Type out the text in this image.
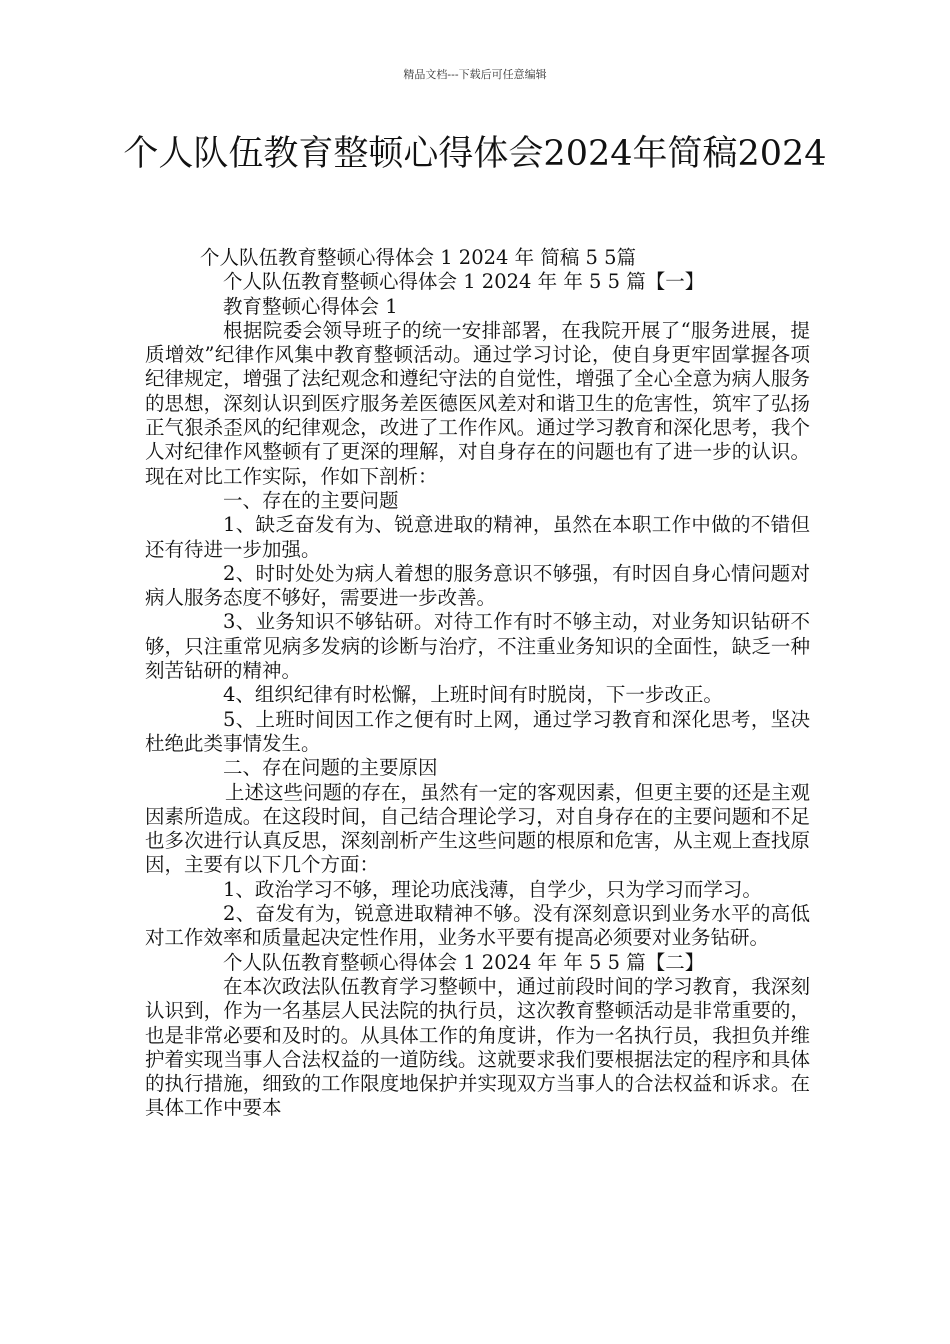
精品文档---下载后可任意编辑
个人队伍教育整顿心得体会2024年简稿2024

个人队伍教育整顿心得体会 1 2024 年 简稿 5 5篇

个人队伍教育整顿心得体会 1 2024 年 年 5 5 篇【一】

教育整顿心得体会 1

根据院委会领导班子的统一安排部署，在我院开展了“服务进展，提质增效”纪律作风集中教育整顿活动。通过学习讨论，使自身更牢固掌握各项纪律规定，增强了法纪观念和遵纪守法的自觉性，增强了全心全意为病人服务的思想，深刻认识到医疗服务差医德医风差对和谐卫生的危害性，筑牢了弘扬正气狠杀歪风的纪律观念，改进了工作作风。通过学习教育和深化思考，我个人对纪律作风整顿有了更深的理解，对自身存在的问题也有了进一步的认识。现在对比工作实际，作如下剖析：

一、存在的主要问题

1、缺乏奋发有为、锐意进取的精神，虽然在本职工作中做的不错但还有待进一步加强。

2、时时处处为病人着想的服务意识不够强，有时因自身心情问题对病人服务态度不够好，需要进一步改善。

3、业务知识不够钻研。对待工作有时不够主动，对业务知识钻研不够，只注重常见病多发病的诊断与治疗，不注重业务知识的全面性，缺乏一种刻苦钻研的精神。

4、组织纪律有时松懈，上班时间有时脱岗，下一步改正。

5、上班时间因工作之便有时上网，通过学习教育和深化思考，坚决杜绝此类事情发生。

二、存在问题的主要原因

上述这些问题的存在，虽然有一定的客观因素，但更主要的还是主观因素所造成。在这段时间，自己结合理论学习，对自身存在的主要问题和不足也多次进行认真反思，深刻剖析产生这些问题的根原和危害，从主观上查找原因，主要有以下几个方面：

1、政治学习不够，理论功底浅薄，自学少，只为学习而学习。

2、奋发有为，锐意进取精神不够。没有深刻意识到业务水平的高低对工作效率和质量起决定性作用，业务水平要有提高必须要对业务钻研。

个人队伍教育整顿心得体会 1 2024 年 年 5 5 篇【二】

在本次政法队伍教育学习整顿中，通过前段时间的学习教育，我深刻认识到，作为一名基层人民法院的执行员，这次教育整顿活动是非常重要的，也是非常必要和及时的。从具体工作的角度讲，作为一名执行员，我担负并维护着实现当事人合法权益的一道防线。这就要求我们要根据法定的程序和具体的执行措施，细致的工作限度地保护并实现双方当事人的合法权益和诉求。在具体工作中要本
